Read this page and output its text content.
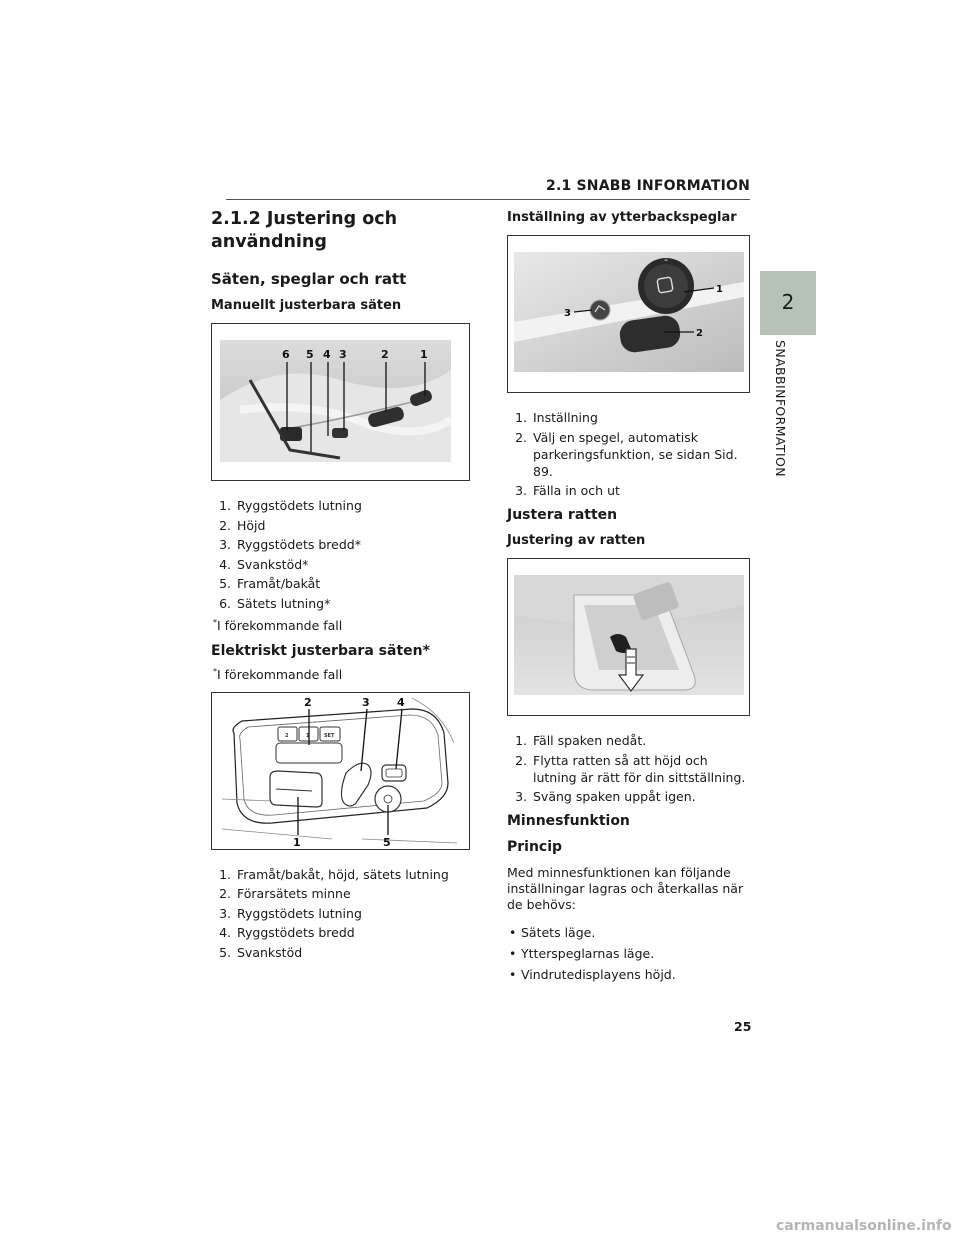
2.1 SNABB INFORMATION
2
SNABBINFORMATION
2.1.2 Justering och användning
Säten, speglar och ratt
Manuellt justerbara säten
6 5 4 3	2	1
1. Ryggstödets lutning
2. Höjd
3. Ryggstödets bredd*
4. Svankstöd*
5. Framåt/bakåt
6. Sätets lutning*
*I förekommande fall
Elektriskt justerbara säten*
*I förekommande fall
2	1	SET
2	3 4
1	5
1. Framåt/bakåt, höjd, sätets lutning
2. Förarsätets minne
3. Ryggstödets lutning
4. Ryggstödets bredd
5. Svankstöd
Inställning av ytterbackspeglar
^
1
2
3
1. Inställning
2. Välj en spegel, automatisk parkeringsfunktion, se sidan Sid. 89.
3. Fälla in och ut
Justera ratten
Justering av ratten
1. Fäll spaken nedåt.
2. Flytta ratten så att höjd och lutning är rätt för din sittställning.
3. Sväng spaken uppåt igen.
Minnesfunktion
Princip

Med minnesfunktionen kan följande inställningar lagras och återkallas när de behövs:

• Sätets läge.
• Ytterspeglarnas läge.
• Vindrutedisplayens höjd.
25
carmanualsonline.info
